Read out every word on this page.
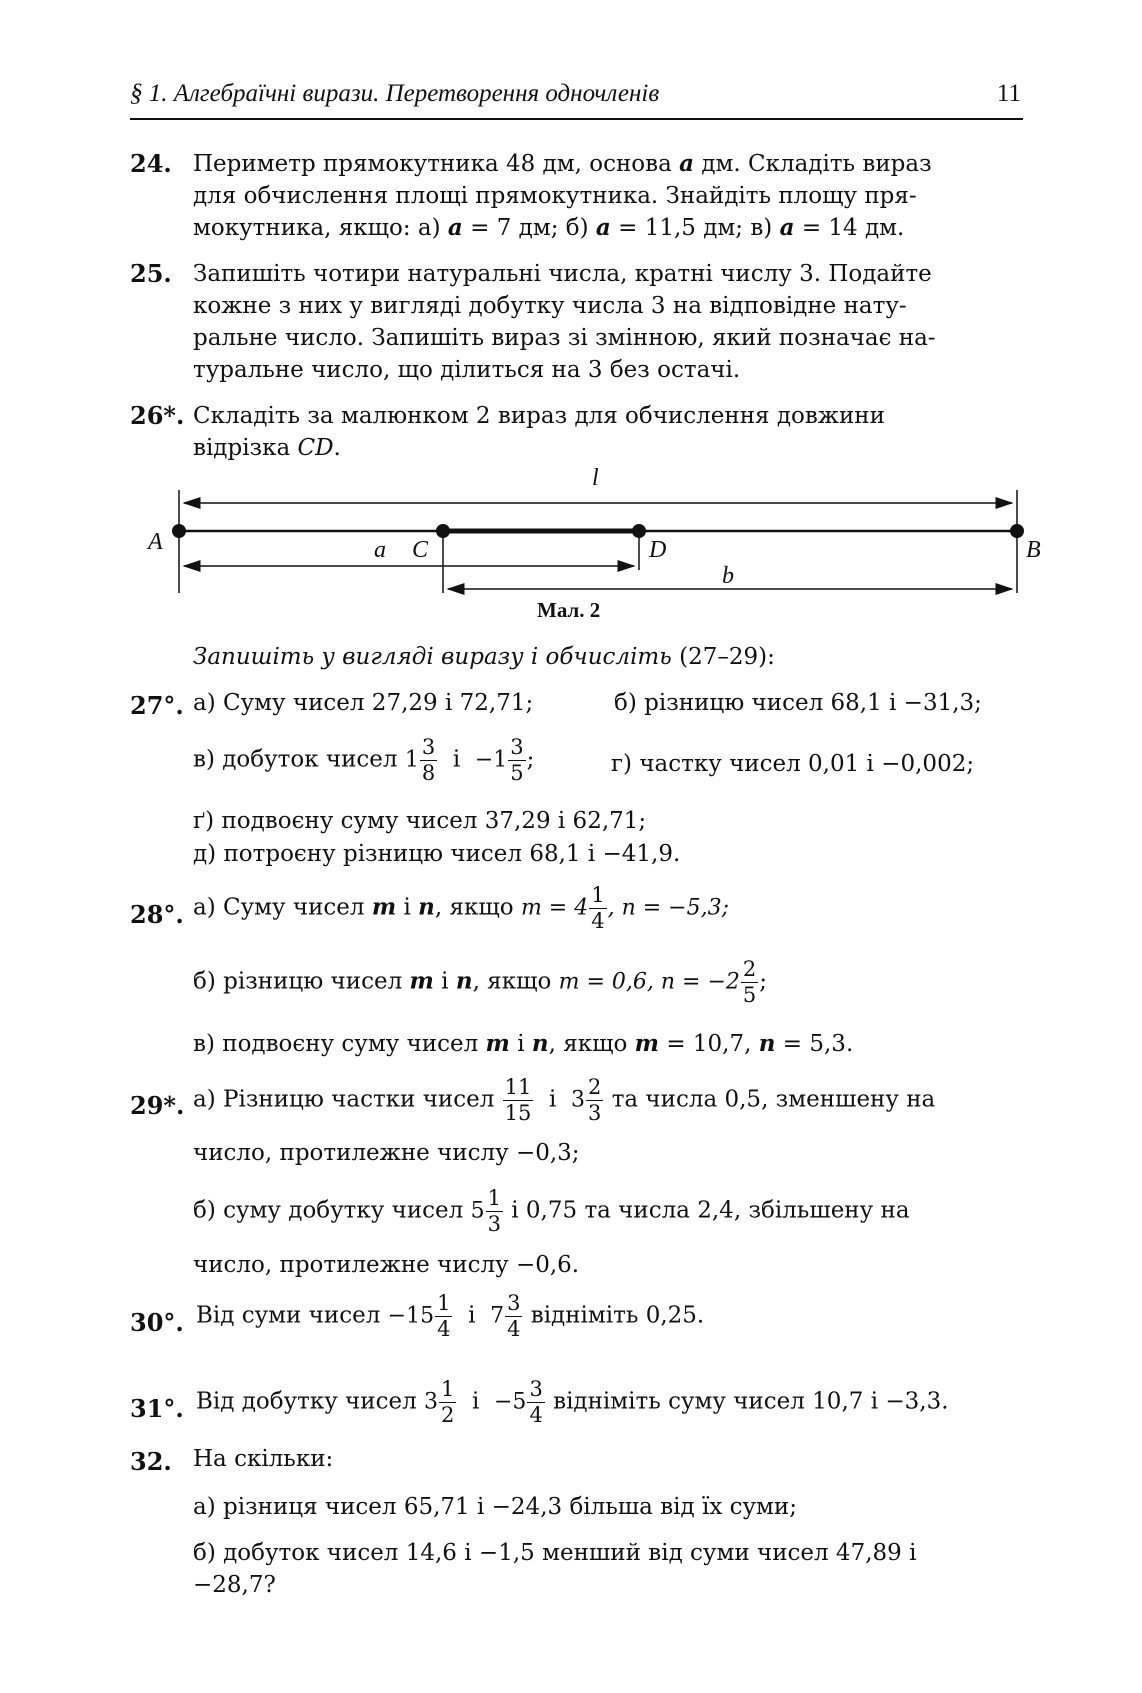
§ 1. Алгебраїчні вирази. Перетворення одночленів	11
24. Периметр прямокутника 48 дм, основа a дм. Складіть вираз
для обчислення площі прямокутника. Знайдіть площу пря-
мокутника, якщо: а) a = 7 дм; б) a = 11,5 дм; в) a = 14 дм.
25. Запишіть чотири натуральні числа, кратні числу 3. Подайте
кожне з них у вигляді добутку числа 3 на відповідне нату-
ральне число. Запишіть вираз зі змінною, який позначає на-
туральне число, що ділиться на 3 без остачі.
26*. Складіть за малюнком 2 вираз для обчислення довжини
відрізка CD.
l
A	C	D	B
a
b
Мал. 2
Запишіть у вигляді виразу і обчисліть (27–29):
27°. а) Суму чисел 27,29 і 72,71;	б) різницю чисел 68,1 і −31,3;
в) добуток чисел $1 \frac{3}{8}$ $і -1 \frac{3}{5}$ ;	г) частку чисел 0,01 і −0,002;
ґ) подвоєну суму чисел 37,29 і 62,71;
д) потроєну різницю чисел 68,1 і −41,9.
28°. а) Суму чисел m і n, якщо $m = 4 \frac{1}{4}$ , n = −5,3;
б) різницю чисел m і n, якщо m = 0,6, $n = -2 \frac{2}{5}$ ;
в) подвоєну суму чисел m і n, якщо m = 10,7, n = 5,3.
29*. а) Різницю частки чисел $\frac{11}{15}$ і $3 \frac{2}{3}$ та числа 0,5, зменшену на
число, протилежне числу −0,3;
б) суму добутку чисел $5 \frac{1}{3}$ і 0,75 та числа 2,4, збільшену на
число, протилежне числу −0,6.
30°. Від суми чисел $-15 \frac{1}{4}$ і $7 \frac{3}{4}$ відніміть 0,25.
31°. Від добутку чисел $3 \frac{1}{2}$ $і -5 \frac{3}{4}$ відніміть суму чисел 10,7 і −3,3.
32. На скільки:
а) різниця чисел 65,71 і −24,3 більша від їх суми;
б) добуток чисел 14,6 і −1,5 менший від суми чисел 47,89 і
−28,7?
